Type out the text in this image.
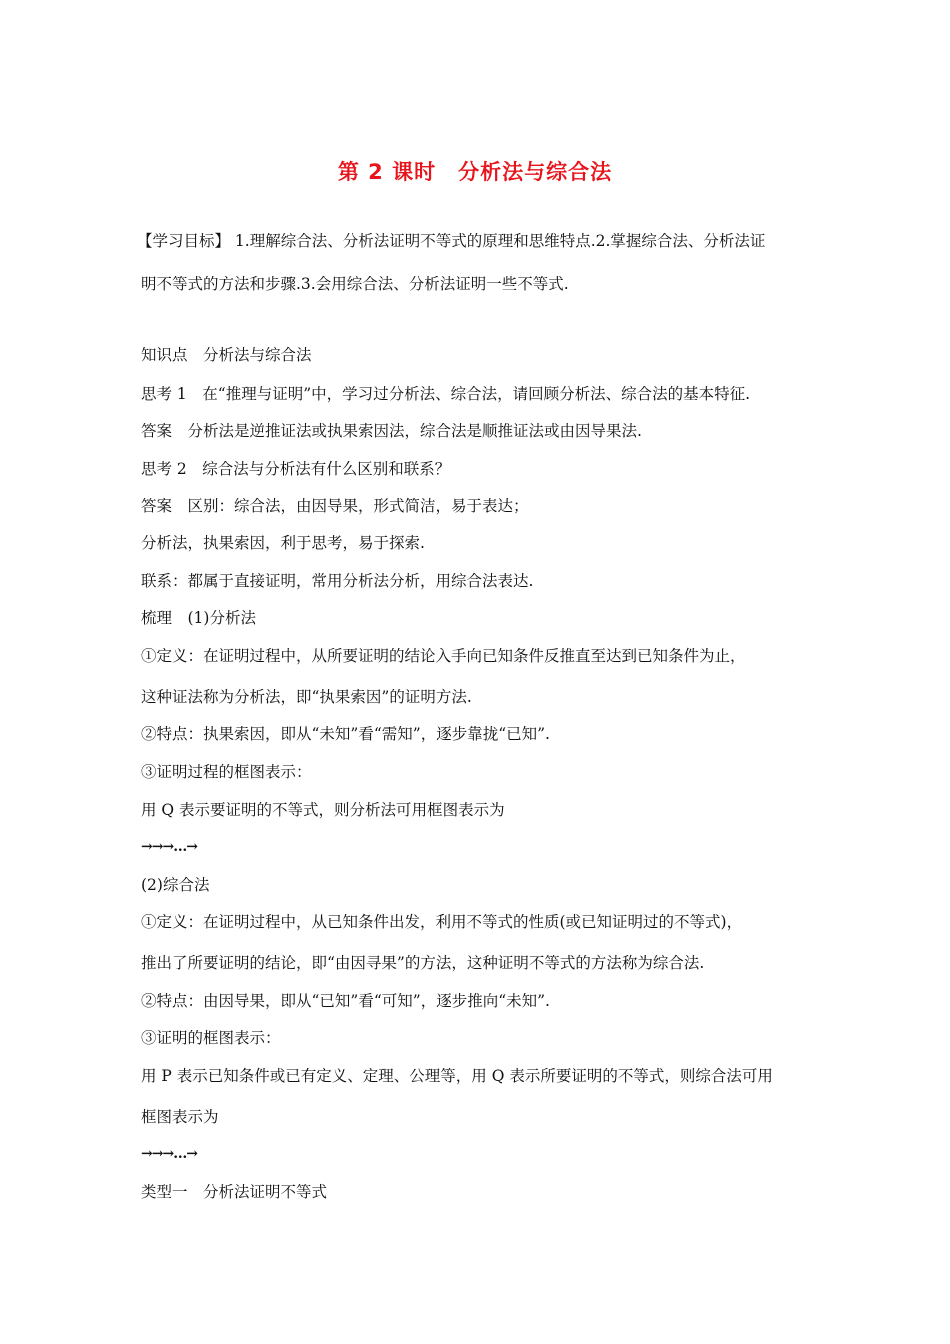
第 2 课时　分析法与综合法
【学习目标】 1.理解综合法、分析法证明不等式的原理和思维特点.2.掌握综合法、分析法证
明不等式的方法和步骤.3.会用综合法、分析法证明一些不等式.
知识点　分析法与综合法
思考 1　在“推理与证明”中，学习过分析法、综合法，请回顾分析法、综合法的基本特征.
答案　分析法是逆推证法或执果索因法，综合法是顺推证法或由因导果法.
思考 2　综合法与分析法有什么区别和联系？
答案　区别：综合法，由因导果，形式简洁，易于表达；
分析法，执果索因，利于思考，易于探索.
联系：都属于直接证明，常用分析法分析，用综合法表达.
梳理　(1)分析法
①定义：在证明过程中，从所要证明的结论入手向已知条件反推直至达到已知条件为止，
这种证法称为分析法，即“执果索因”的证明方法.
②特点：执果索因，即从“未知”看“需知”，逐步靠拢“已知”.
③证明过程的框图表示：
用 Q 表示要证明的不等式，则分析法可用框图表示为
→→→…→
(2)综合法
①定义：在证明过程中，从已知条件出发，利用不等式的性质(或已知证明过的不等式)，
推出了所要证明的结论，即“由因寻果”的方法，这种证明不等式的方法称为综合法.
②特点：由因导果，即从“已知”看“可知”，逐步推向“未知”.
③证明的框图表示：
用 P 表示已知条件或已有定义、定理、公理等，用 Q 表示所要证明的不等式，则综合法可用
框图表示为
→→→…→
类型一　分析法证明不等式
